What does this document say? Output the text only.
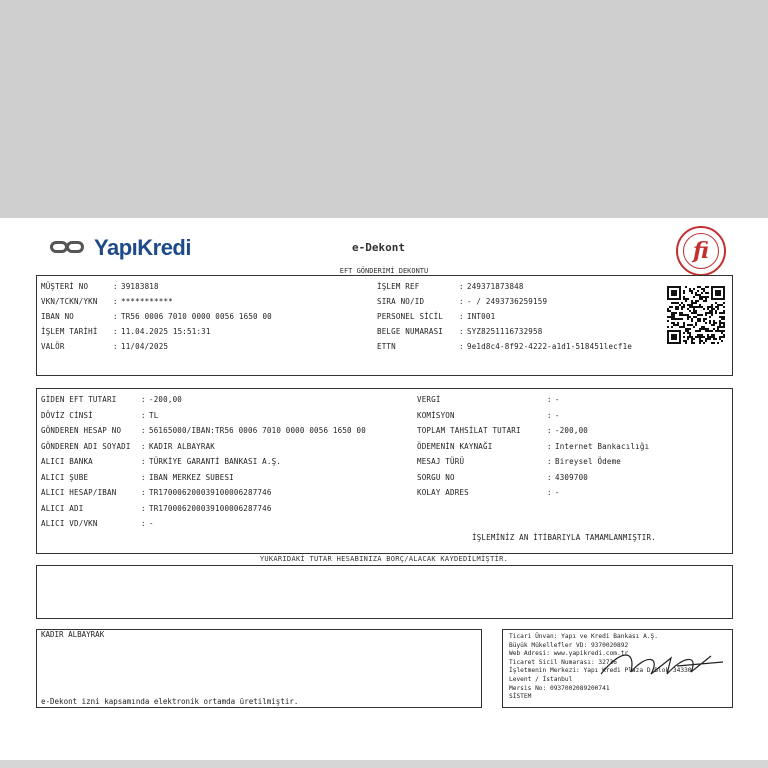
YapıKredi	e-Dekont	fi
EFT GÖNDERİMİ DEKONTU
MÜŞTERİ NO	: 39183818
VKN/TCKN/YKN : ***********
IBAN NO	: TR56 0006 7010 0000 0056 1650 00
İŞLEM TARİHİ : 11.04.2025 15:51:31
VALÖR	: 11/04/2025
İŞLEM REF	: 249371873848
SIRA NO/ID	: - / 2493736259159
PERSONEL SİCİL : INT001
BELGE NUMARASI : SYZ8251116732958
ETTN	: 9e1d8c4-8f92-4222-a1d1-518451lecf1e
GİDEN EFT TUTARI	: -200,00
DÖVİZ CİNSİ	: TL
GÖNDEREN HESAP NO	: 56165000/IBAN:TR56 0006 7010 0000 0056 1650 00
GÖNDEREN ADI SOYADI : KADIR ALBAYRAK
ALICI BANKA	: TÜRKİYE GARANTİ BANKASI A.Ş.
ALICI ŞUBE	: IBAN MERKEZ SUBESI
ALICI HESAP/IBAN	: TR170006200039100006287746
ALICI ADI	: TR170006200039100006287746
ALICI VD/VKN	: -
VERGİ	: -
KOMİSYON	: -
TOPLAM TAHSİLAT TUTARI	: -200,00
ÖDEMENİN KAYNAĞI	: Internet Bankacılığı
MESAJ TÜRÜ	: Bireysel Ödeme
SORGU NO	: 4309700
KOLAY ADRES	: -
İŞLEMİNİZ AN İTİBARIYLA TAMAMLANMIŞTIR.
YUKARIDAKİ TUTAR HESABINIZA BORÇ/ALACAK KAYDEDİLMİŞTİR.
KADIR ALBAYRAK
e-Dekont izni kapsamında elektronik ortamda üretilmiştir.
Ticari Ünvan: Yapı ve Kredi Bankası A.Ş.
Büyük Mükellefler VD: 9370020892
Web Adresi: www.yapikredi.com.tr
Ticaret Sicil Numarası: 32736
İşletmenin Merkezi: Yapı Kredi Plaza D Blok 34330
Levent / İstanbul
Mersis No: 0937002089200741
SİSTEM
